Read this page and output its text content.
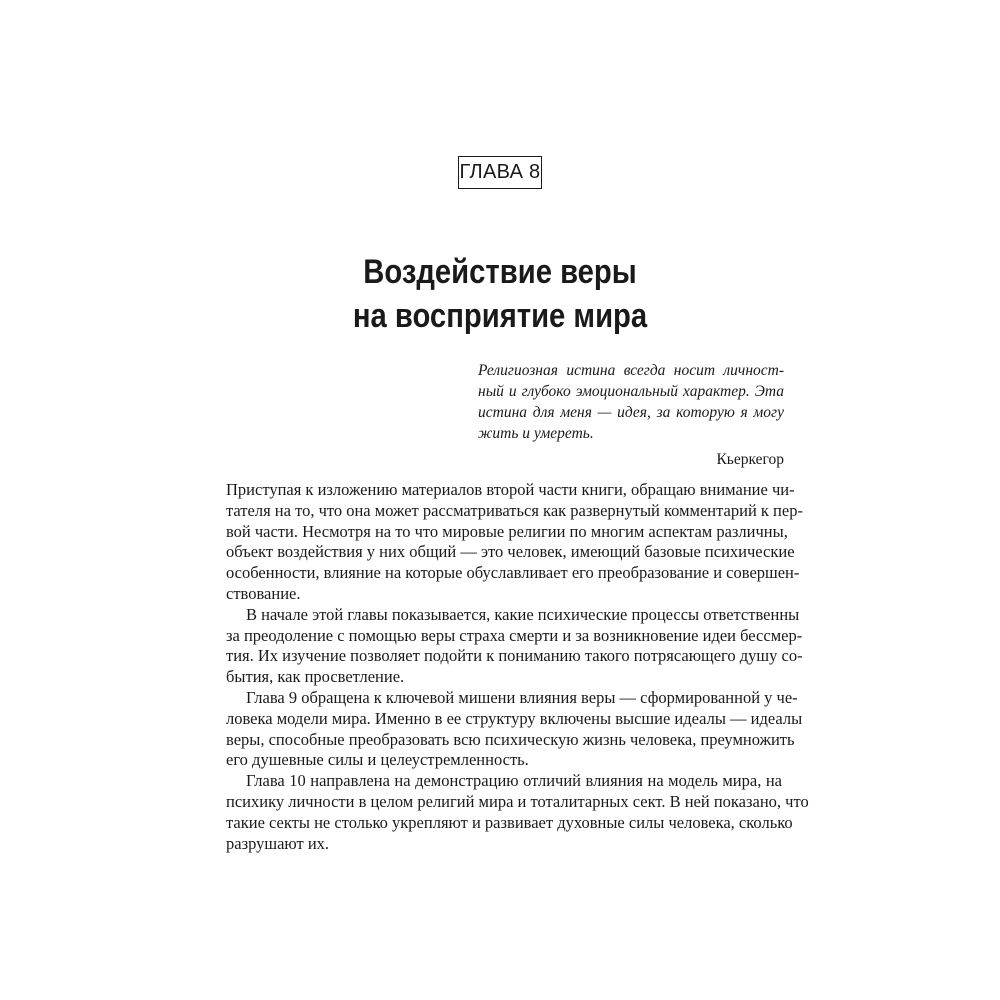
ГЛАВА 8
Воздействие веры
на восприятие мира
Религиозная истина всегда носит личност-
ный и глубоко эмоциональный характер. Эта
истина для меня — идея, за которую я могу
жить и умереть.
Кьеркегор
Приступая к изложению материалов второй части книги, обращаю внимание чи-
тателя на то, что она может рассматриваться как развернутый комментарий к пер-
вой части. Несмотря на то что мировые религии по многим аспектам различны,
объект воздействия у них общий — это человек, имеющий базовые психические
особенности, влияние на которые обуславливает его преобразование и совершен-
ствование.
В начале этой главы показывается, какие психические процессы ответственны
за преодоление с помощью веры страха смерти и за возникновение идеи бессмер-
тия. Их изучение позволяет подойти к пониманию такого потрясающего душу со-
бытия, как просветление.
Глава 9 обращена к ключевой мишени влияния веры — сформированной у че-
ловека модели мира. Именно в ее структуру включены высшие идеалы — идеалы
веры, способные преобразовать всю психическую жизнь человека, преумножить
его душевные силы и целеустремленность.
Глава 10 направлена на демонстрацию отличий влияния на модель мира, на
психику личности в целом религий мира и тоталитарных сект. В ней показано, что
такие секты не столько укрепляют и развивает духовные силы человека, сколько
разрушают их.
